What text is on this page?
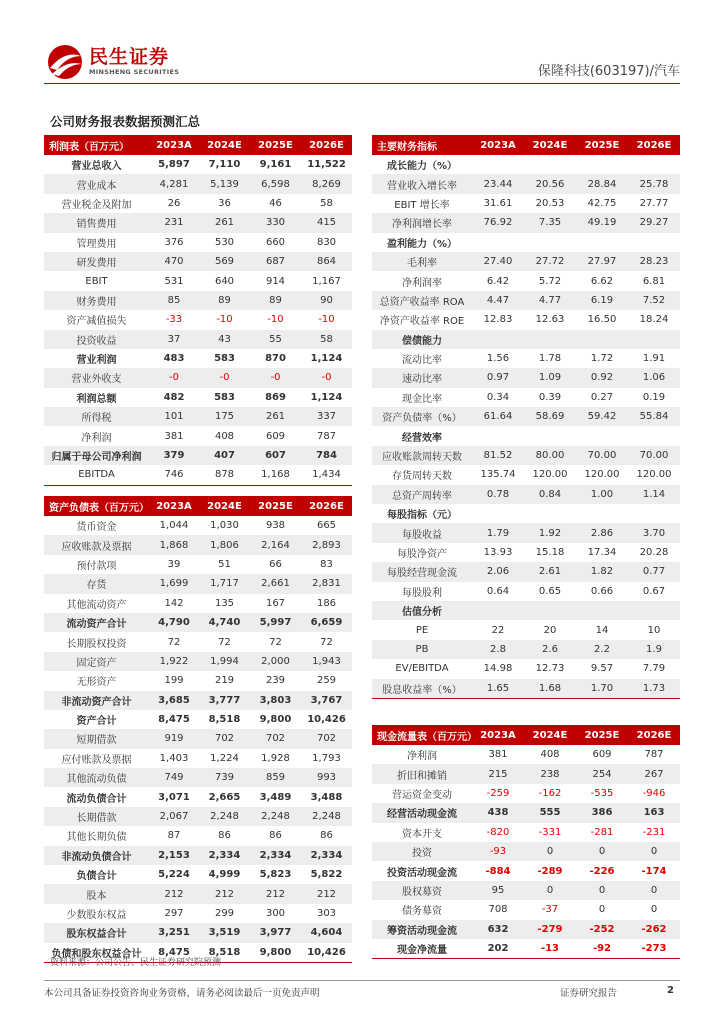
民生证券
MINSHENG SECURITIES	保隆科技(603197)/汽车
公司财务报表数据预测汇总
利润表（百万元）	2023A	2024E	2025E	2026E
营业总收入	5,897	7,110	9,161	11,522
营业成本	4,281	5,139	6,598	8,269
营业税金及附加	26	36	46	58
销售费用	231	261	330	415
管理费用	376	530	660	830
研发费用	470	569	687	864
EBIT	531	640	914	1,167
财务费用	85	89	89	90
资产减值损失	-33	-10	-10	-10
投资收益	37	43	55	58
营业利润	483	583	870	1,124
营业外收支	-0	-0	-0	-0
利润总额	482	583	869	1,124
所得税	101	175	261	337
净利润	381	408	609	787
归属于母公司净利润	379	407	607	784
EBITDA	746	878	1,168	1,434
资产负债表（百万元）	2023A	2024E	2025E	2026E
货币资金	1,044	1,030	938	665
应收账款及票据	1,868	1,806	2,164	2,893
预付款项	39	51	66	83
存货	1,699	1,717	2,661	2,831
其他流动资产	142	135	167	186
流动资产合计	4,790	4,740	5,997	6,659
长期股权投资	72	72	72	72
固定资产	1,922	1,994	2,000	1,943
无形资产	199	219	239	259
非流动资产合计	3,685	3,777	3,803	3,767
资产合计	8,475	8,518	9,800	10,426
短期借款	919	702	702	702
应付账款及票据	1,403	1,224	1,928	1,793
其他流动负债	749	739	859	993
流动负债合计	3,071	2,665	3,489	3,488
长期借款	2,067	2,248	2,248	2,248
其他长期负债	87	86	86	86
非流动负债合计	2,153	2,334	2,334	2,334
负债合计	5,224	4,999	5,823	5,822
股本	212	212	212	212
少数股东权益	297	299	300	303
股东权益合计	3,251	3,519	3,977	4,604
负债和股东权益合计	8,475	8,518	9,800	10,426
主要财务指标	2023A	2024E	2025E	2026E
成长能力（%）				
营业收入增长率	23.44	20.56	28.84	25.78
EBIT 增长率	31.61	20.53	42.75	27.77
净利润增长率	76.92	7.35	49.19	29.27
盈利能力（%）				
毛利率	27.40	27.72	27.97	28.23
净利润率	6.42	5.72	6.62	6.81
总资产收益率 ROA	4.47	4.77	6.19	7.52
净资产收益率 ROE	12.83	12.63	16.50	18.24
偿债能力				
流动比率	1.56	1.78	1.72	1.91
速动比率	0.97	1.09	0.92	1.06
现金比率	0.34	0.39	0.27	0.19
资产负债率（%）	61.64	58.69	59.42	55.84
经营效率				
应收账款周转天数	81.52	80.00	70.00	70.00
存货周转天数	135.74	120.00	120.00	120.00
总资产周转率	0.78	0.84	1.00	1.14
每股指标（元）				
每股收益	1.79	1.92	2.86	3.70
每股净资产	13.93	15.18	17.34	20.28
每股经营现金流	2.06	2.61	1.82	0.77
每股股利	0.64	0.65	0.66	0.67
估值分析				
PE	22	20	14	10
PB	2.8	2.6	2.2	1.9
EV/EBITDA	14.98	12.73	9.57	7.79
股息收益率（%）	1.65	1.68	1.70	1.73
现金流量表（百万元）	2023A	2024E	2025E	2026E
净利润	381	408	609	787
折旧和摊销	215	238	254	267
营运资金变动	-259	-162	-535	-946
经营活动现金流	438	555	386	163
资本开支	-820	-331	-281	-231
投资	-93	0	0	0
投资活动现金流	-884	-289	-226	-174
股权募资	95	0	0	0
债务募资	708	-37	0	0
筹资活动现金流	632	-279	-252	-262
现金净流量	202	-13	-92	-273
资料来源：公司公告、民生证券研究院预测
本公司具备证券投资咨询业务资格，请务必阅读最后一页免责声明	证券研究报告	2
